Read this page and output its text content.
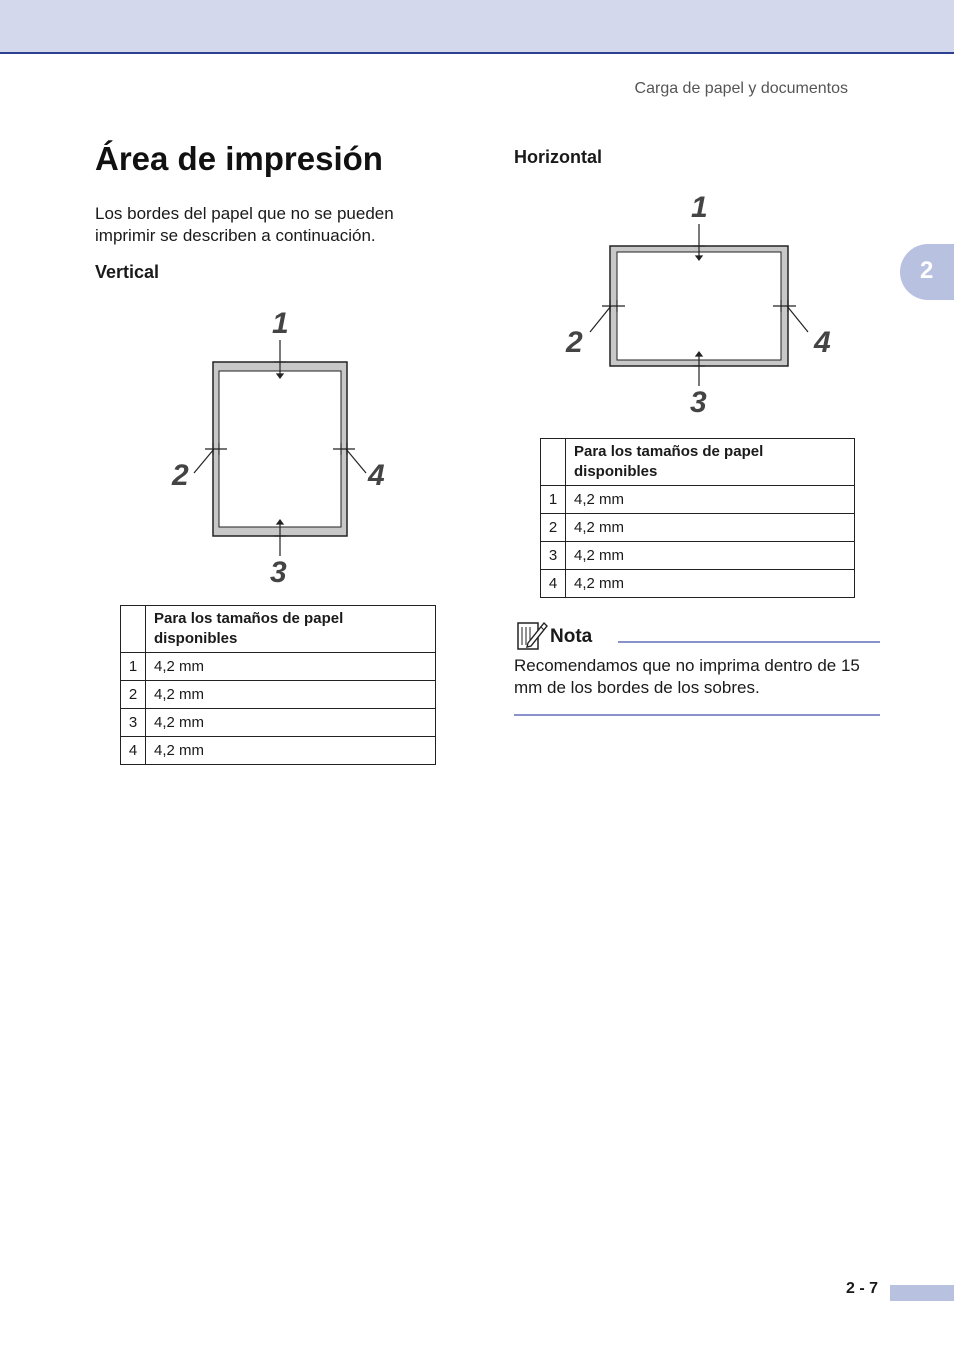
Carga de papel y documentos
2
Área de impresión

Los bordes del papel que no se pueden imprimir se describen a continuación.

Vertical
1
2
3
4
	Para los tamaños de papel disponibles
1	4,2 mm
2	4,2 mm
3	4,2 mm
4	4,2 mm
Horizontal
1
2
3
4
	Para los tamaños de papel disponibles
1	4,2 mm
2	4,2 mm
3	4,2 mm
4	4,2 mm
Nota

Recomendamos que no imprima dentro de 15 mm de los bordes de los sobres.

2 - 7
